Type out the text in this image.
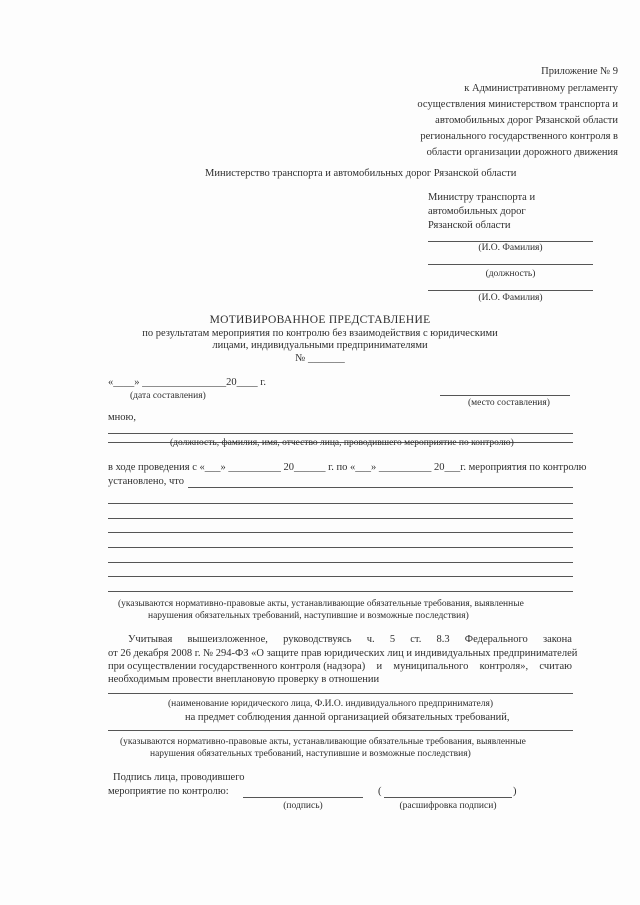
Приложение № 9
к Административному регламенту
осуществления министерством транспорта и
автомобильных дорог Рязанской области
регионального государственного контроля в
области организации дорожного движения
Министерство транспорта и автомобильных дорог Рязанской области
Министру транспорта и
автомобильных дорог
Рязанской области
(И.О. Фамилия)
(должность)
(И.О. Фамилия)
МОТИВИРОВАННОЕ ПРЕДСТАВЛЕНИЕ
по результатам мероприятия по контролю без взаимодействия с юридическими
лицами, индивидуальными предпринимателями
№ _______
«____» ________________20____ г.
(дата составления)
(место составления)
мною,
(должность, фамилия, имя, отчество лица, проводившего мероприятие по контролю)
в ходе проведения с «___» __________ 20______ г. по «___» __________ 20___г. мероприятия по контролю
установлено, что
(указываются нормативно-правовые акты, устанавливающие обязательные требования, выявленные
нарушения обязательных требований, наступившие и возможные последствия)
Учитывая вышеизложенное, руководствуясь ч. 5 ст. 8.3 Федерального закона
от 26 декабря 2008 г. № 294-ФЗ «О защите прав юридических лиц и индивидуальных предпринимателей
при осуществлении государственного контроля (надзора) и муниципального контроля», считаю
необходимым провести внеплановую проверку в отношении
(наименование юридического лица, Ф.И.О. индивидуального предпринимателя)
на предмет соблюдения данной организацией обязательных требований,
(указываются нормативно-правовые акты, устанавливающие обязательные требования, выявленные
нарушения обязательных требований, наступившие и возможные последствия)
Подпись лица, проводившего
мероприятие по контролю:
(подпись)
(	)
(расшифровка подписи)
